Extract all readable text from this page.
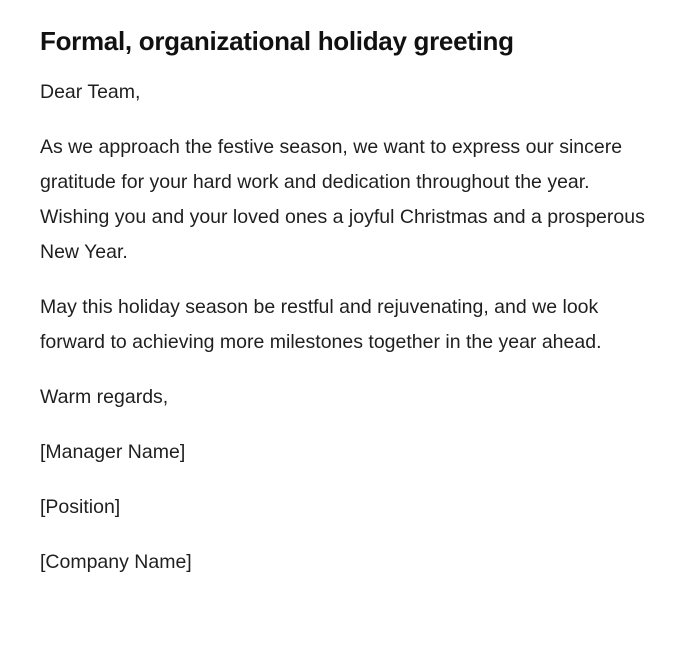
Formal, organizational holiday greeting

Dear Team,

As we approach the festive season, we want to express our sincere gratitude for your hard work and dedication throughout the year. Wishing you and your loved ones a joyful Christmas and a prosperous New Year.

May this holiday season be restful and rejuvenating, and we look forward to achieving more milestones together in the year ahead.

Warm regards,

[Manager Name]

[Position]

[Company Name]
